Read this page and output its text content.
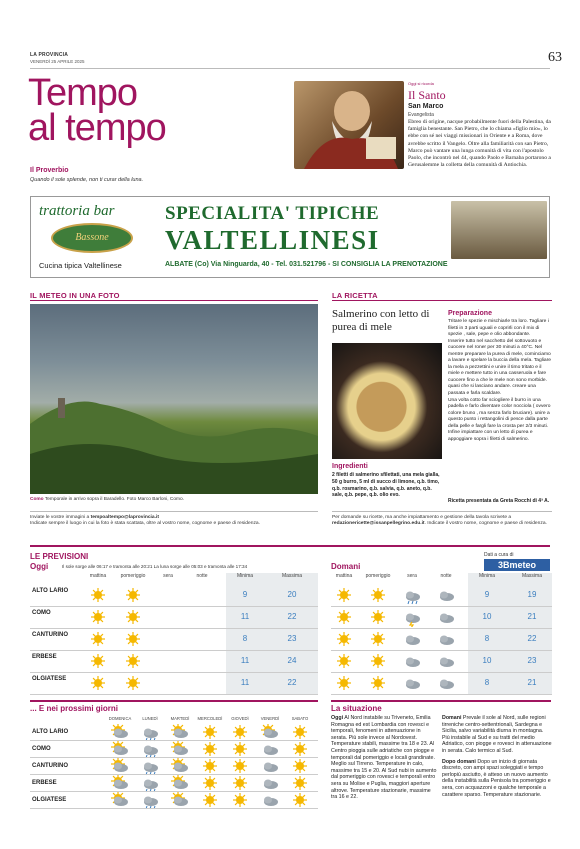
LA PROVINCIA
VENERDÌ 25 APRILE 2025	63
Tempo
al tempo
Il Proverbio
Quando il sole splende, non ti curar della luna.
Oggi si ricorda
Il Santo
San Marco
Evangelista
Ebreo di origine, nacque probabilmente fuori della Palestina, da famiglia benestante. San Pietro, che lo chiama «figlio mio», lo ebbe con sé nei viaggi missionari in Oriente e a Roma, dove avrebbe scritto il Vangelo. Oltre alla familiarità con san Pietro, Marco può vantare una lunga comunità di vita con l'apostolo Paolo, che incontrò nel 44, quando Paolo e Barnaba portarono a Gerusalemme la colletta della comunità di Antiochia.
trattoria bar
Bassone
Cucina tipica Valtellinese
SPECIALITA' TIPICHE
VALTELLINESI
ALBATE (Co) Via Ninguarda, 40 - Tel. 031.521796 - SI CONSIGLIA LA PRENOTAZIONE
IL METEO IN UNA FOTO
Como Temporale in arrivo sopra il Baradello. Foto Marco Barloni, Como.
Inviate le vostre immagini a tempoaltempo@laprovincia.it
Indicate sempre il luogo in cui la foto è stata scattata, oltre al vostro nome, cognome e paese di residenza.
LA RICETTA
Salmerino con letto di purea di mele
Ingredienti
2 filetti di salmerino sfilettati, una mela gialla, 50 g burro, 5 ml di succo di limone, q.b. timo, q.b. rosmarino, q.b. salvia, q.b. aneto, q.b. sale, q.b. pepe, q.b. olio evo.
Preparazione

Tritare le spezie e mischiarle tra loro. Tagliare i filetti in 3 parti uguali e coprirli con il mix di spezie , sale, pepe e olio abbondante.

Inserire tutto nel sacchetto del sottovuoto e cuocere nel roner per 30 minuti a 40°C. Nel mentre preparare la purea di mele, cominciamo a lavare e spelare la buccia della mela. Tagliare la mela a pezzettini e unire il timo tritato e il miele e mettere tutto in una casseruola e fare cuocere fino a che le mele non sono morbide. quasi che si lasciano andare. creare una passata e farla scaldare.

Una volta cotto far sciogliere il burro in una padella e farlo diventare color nocciola ( ovvero colore bruno , ma senza farlo bruciare). unire a questo punto i rettangolini di pesce dalla parte della pelle e fargli fare la crosta per 2/3 minuti.

Infine impiattare con un letto di purea e appoggiare sopra i filetti di salmerino.

Ricetta presentata da Greta Rocchi di 4ª A.
Per domande su ricette, ma anche impiattamento e gestione della tavola scrivete a redazionericette@issanpellegrino.edu.it. Indicate il vostro nome, cognome e paese di residenza.
LE PREVISIONI
Oggi	Il sole sorge alle 06:17 e tramonta alle 20:21 La luna sorge alle 05:03 e tramonta alle 17:34	Domani
Dati a cura di
3Bmeteo
mattina	mattina
pomeriggio	pomeriggio
sera	sera
notte	notte
Minima	Minima
Massima	Massima
ALTO LARIO	9	20	9	19
COMO	11	22	10	21
CANTURINO	8	23	8	22
ERBESE	11	24	10	23
OLGIATESE	11	22	8	21
... E nei prossimi giorni
DOMENICA	LUNEDÌ	MARTEDÌ	MERCOLEDÌ	GIOVEDÌ	VENERDÌ	SABATO
ALTO LARIO
COMO
CANTURINO
ERBESE
OLGIATESE
La situazione
Oggi Al Nord instabile su Triveneto, Emilia Romagna ed est Lombardia con rovesci e temporali, fenomeni in attenuazione in serata. Più sole invece al Nordovest. Temperature stabili, massime tra 18 e 23. Al Centro pioggia sulle adriatiche con piogge e temporali dal pomeriggio e locali grandinate. Meglio sul Tirreno. Temperature in calo, massime tra 15 e 20. Al Sud nubi in aumento dal pomeriggio con rovesci e temporali entro sera su Molise e Puglia, maggiori aperture altrove. Temperature stazionarie, massime tra 16 e 22.
Domani Prevale il sole al Nord, sulle regioni tirreniche centro-settentrionali, Sardegna e Sicilia, salvo variabilità diurna in montagna. Più instabile al Sud e su tratti del medio Adriatico, con piogge e rovesci in attenuazione in serata. Calo termico al Sud.
Dopo domani Dopo un inizio di giornata discreto, con ampi spazi soleggiati e tempo perlopiù asciutto, è atteso un nuovo aumento della instabilità sulla Penisola tra pomeriggio e sera, con acquazzoni e qualche temporale a carattere sparso. Temperature stazionarie.
